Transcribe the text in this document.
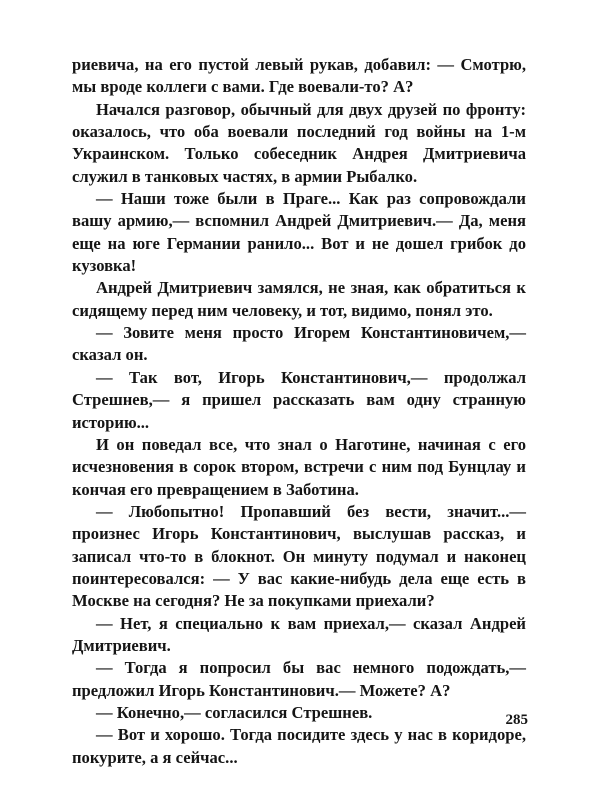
риевича, на его пустой левый рукав, добавил: — Смотрю, мы вроде коллеги с вами. Где воевали-то? А?

Начался разговор, обычный для двух друзей по фронту: оказалось, что оба воевали последний год войны на 1-м Украинском. Только собеседник Андрея Дмитриевича служил в танковых частях, в армии Рыбалко.

— Наши тоже были в Праге... Как раз сопровождали вашу армию,— вспомнил Андрей Дмитриевич.— Да, меня еще на юге Германии ранило... Вот и не дошел грибок до кузовка!

Андрей Дмитриевич замялся, не зная, как обратиться к сидящему перед ним человеку, и тот, видимо, понял это.

— Зовите меня просто Игорем Константиновичем,— сказал он.

— Так вот, Игорь Константинович,— продолжал Стрешнев,— я пришел рассказать вам одну странную историю...

И он поведал все, что знал о Наготине, начиная с его исчезновения в сорок втором, встречи с ним под Бунцлау и кончая его превращением в Заботина.

— Любопытно! Пропавший без вести, значит...— произнес Игорь Константинович, выслушав рассказ, и записал что-то в блокнот. Он минуту подумал и наконец поинтересовался: — У вас какие-нибудь дела еще есть в Москве на сегодня? Не за покупками приехали?

— Нет, я специально к вам приехал,— сказал Андрей Дмитриевич.

— Тогда я попросил бы вас немного подождать,— предложил Игорь Константинович.— Можете? А?

— Конечно,— согласился Стрешнев.

— Вот и хорошо. Тогда посидите здесь у нас в коридоре, покурите, а я сейчас...

285
